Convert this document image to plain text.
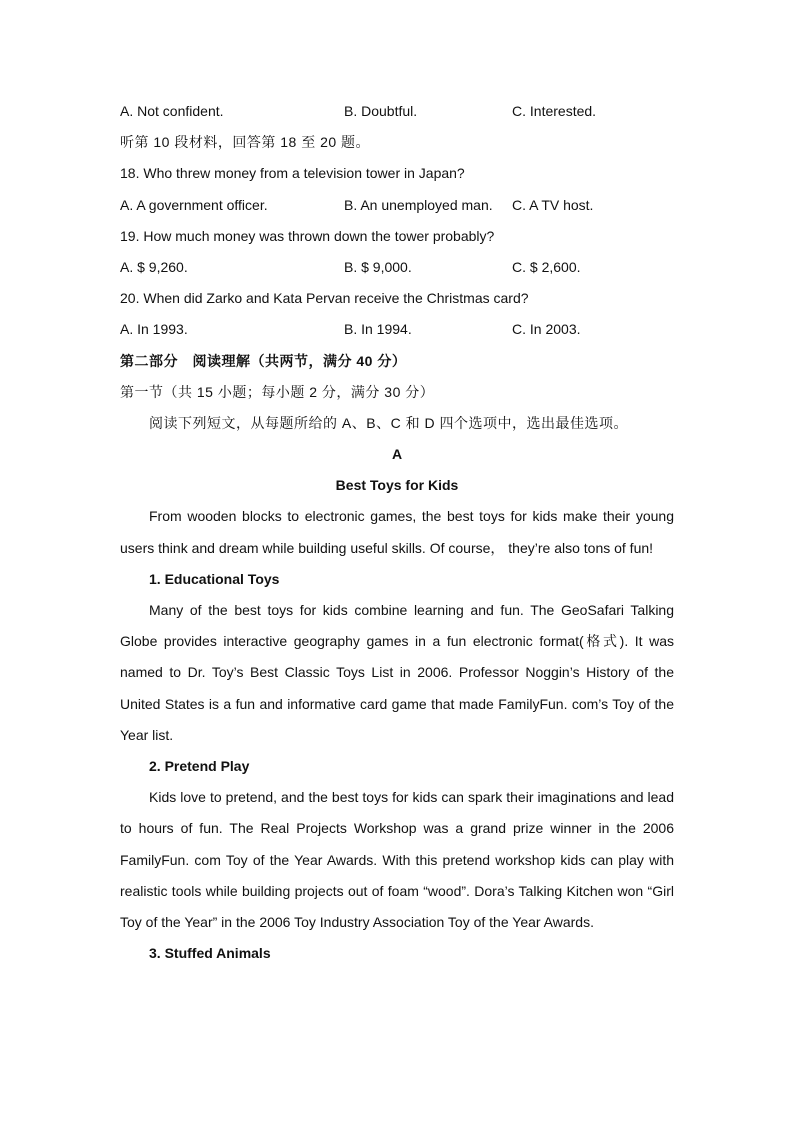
A. Not confident.	B. Doubtful.	C. Interested.
听第 10 段材料，回答第 18 至 20 题。
18. Who threw money from a television tower in Japan?
A. A government officer.	B. An unemployed man. C. A TV host.
19. How much money was thrown down the tower probably?
A. $ 9,260.	B. $ 9,000.	C. $ 2,600.
20. When did Zarko and Kata Pervan receive the Christmas card?
A. In 1993.	B. In 1994.	C. In 2003.
第二部分　阅读理解（共两节，满分 40 分）
第一节（共 15 小题；每小题 2 分，满分 30 分）
阅读下列短文，从每题所给的 A、B、C 和 D 四个选项中，选出最佳选项。
A
Best Toys for Kids

From wooden blocks to electronic games, the best toys for kids make their young users think and dream while building useful skills. Of course， they’re also tons of fun!

1. Educational Toys

Many of the best toys for kids combine learning and fun. The GeoSafari Talking Globe provides interactive geography games in a fun electronic format(格式). It was named to Dr. Toy’s Best Classic Toys List in 2006. Professor Noggin’s History of the United States is a fun and informative card game that made FamilyFun. com’s Toy of the Year list.

2. Pretend Play

Kids love to pretend, and the best toys for kids can spark their imaginations and lead to hours of fun. The Real Projects Workshop was a grand prize winner in the 2006 FamilyFun. com Toy of the Year Awards. With this pretend workshop kids can play with realistic tools while building projects out of foam “wood”. Dora’s Talking Kitchen won “Girl Toy of the Year” in the 2006 Toy Industry Association Toy of the Year Awards.

3. Stuffed Animals
